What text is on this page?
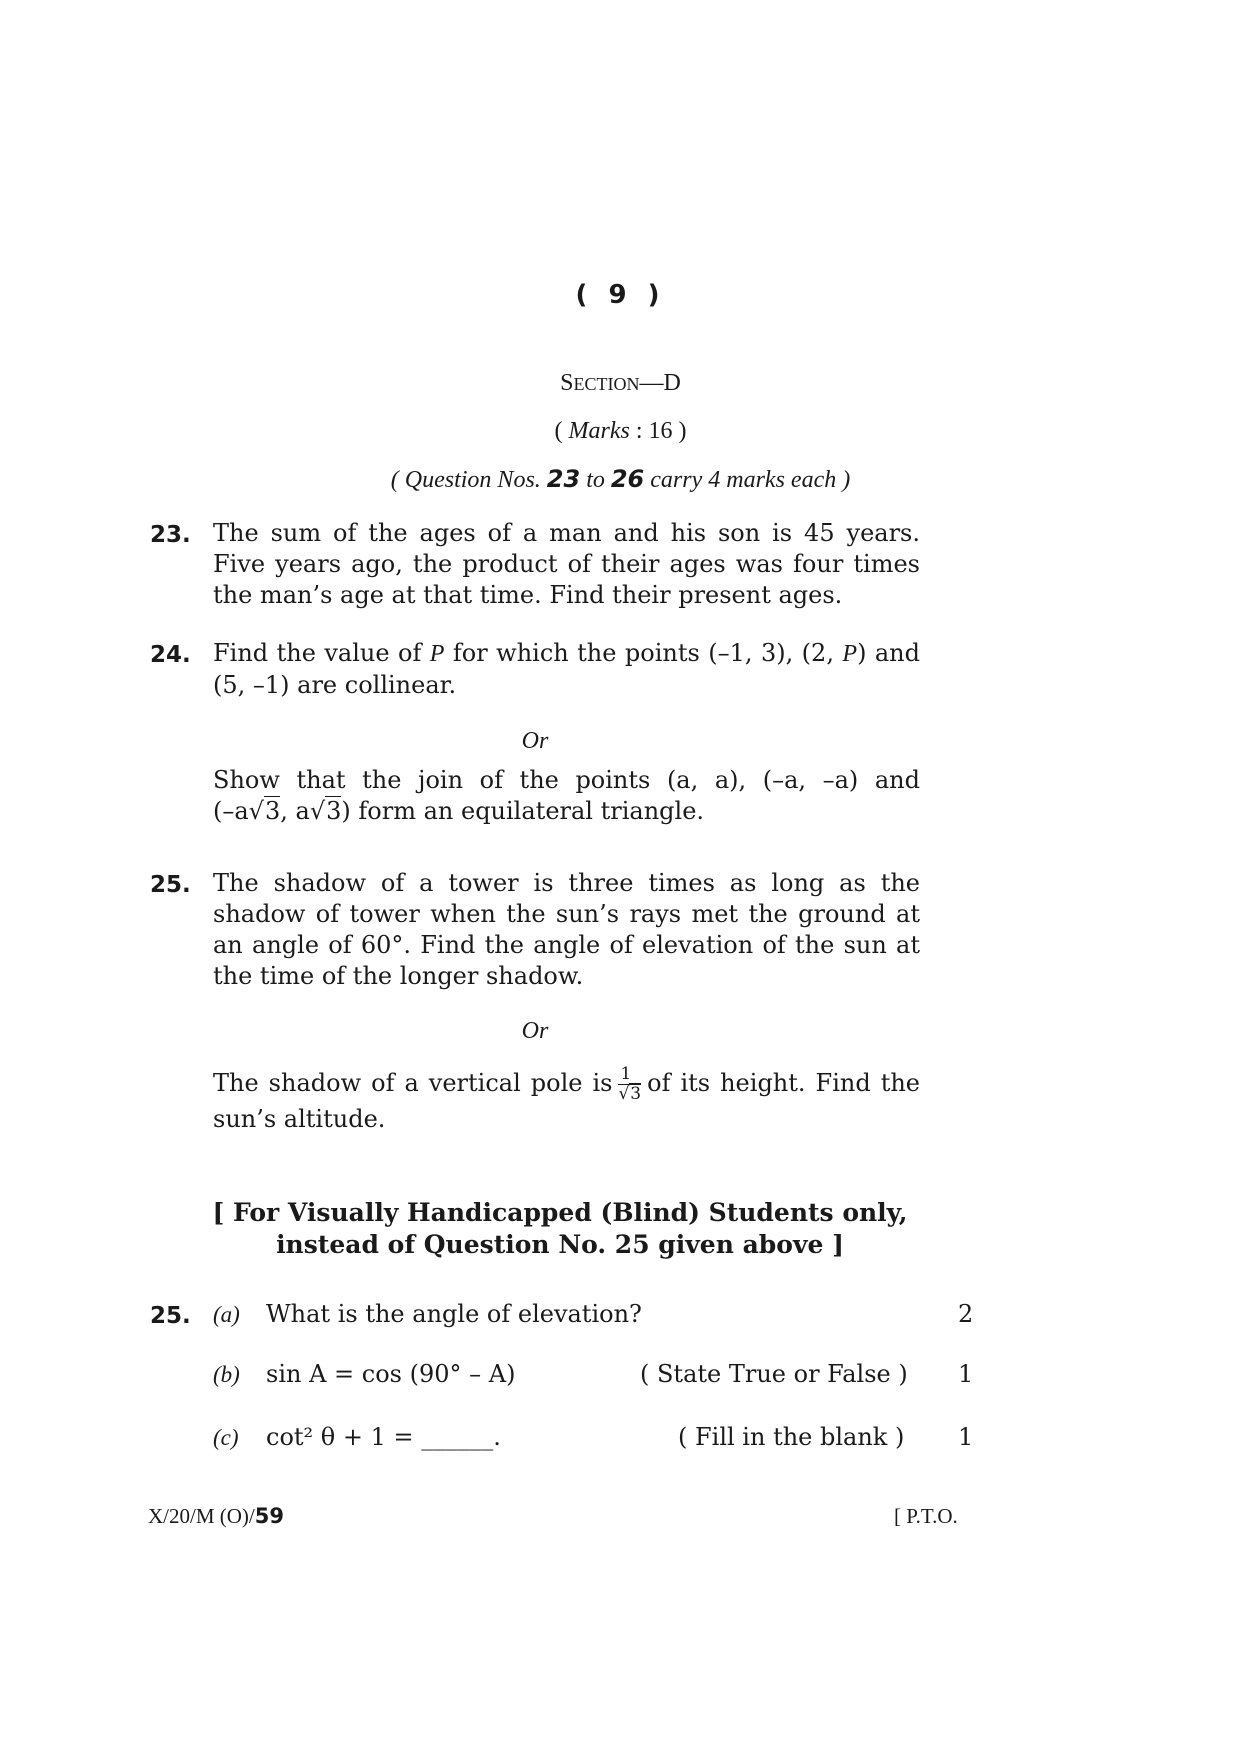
( 9 )
SECTION—D
( Marks : 16 )
( Question Nos. 23 to 26 carry 4 marks each )
23. The sum of the ages of a man and his son is 45 years.
Five years ago, the product of their ages was four times
the man’s age at that time. Find their present ages.
24. Find the value of P for which the points (–1, 3), (2, P) and
(5, –1) are collinear.
Or
Show that the join of the points (a, a), (–a, –a) and
(–a√3, a√3) form an equilateral triangle.
25. The shadow of a tower is three times as long as the
shadow of tower when the sun’s rays met the ground at
an angle of 60°. Find the angle of elevation of the sun at
the time of the longer shadow.
Or
The shadow of a vertical pole is $\frac{1}{√3}$ of its height. Find the
sun’s altitude.
[ For Visually Handicapped (Blind) Students only,
instead of Question No. 25 given above ]
25. (a) What is the angle of elevation?	2
(b) sin A = cos (90° – A)	( State True or False ) 1
(c) cot² θ + 1 = ______.	( Fill in the blank ) 1
X/20/M (O)/59	[ P.T.O.
